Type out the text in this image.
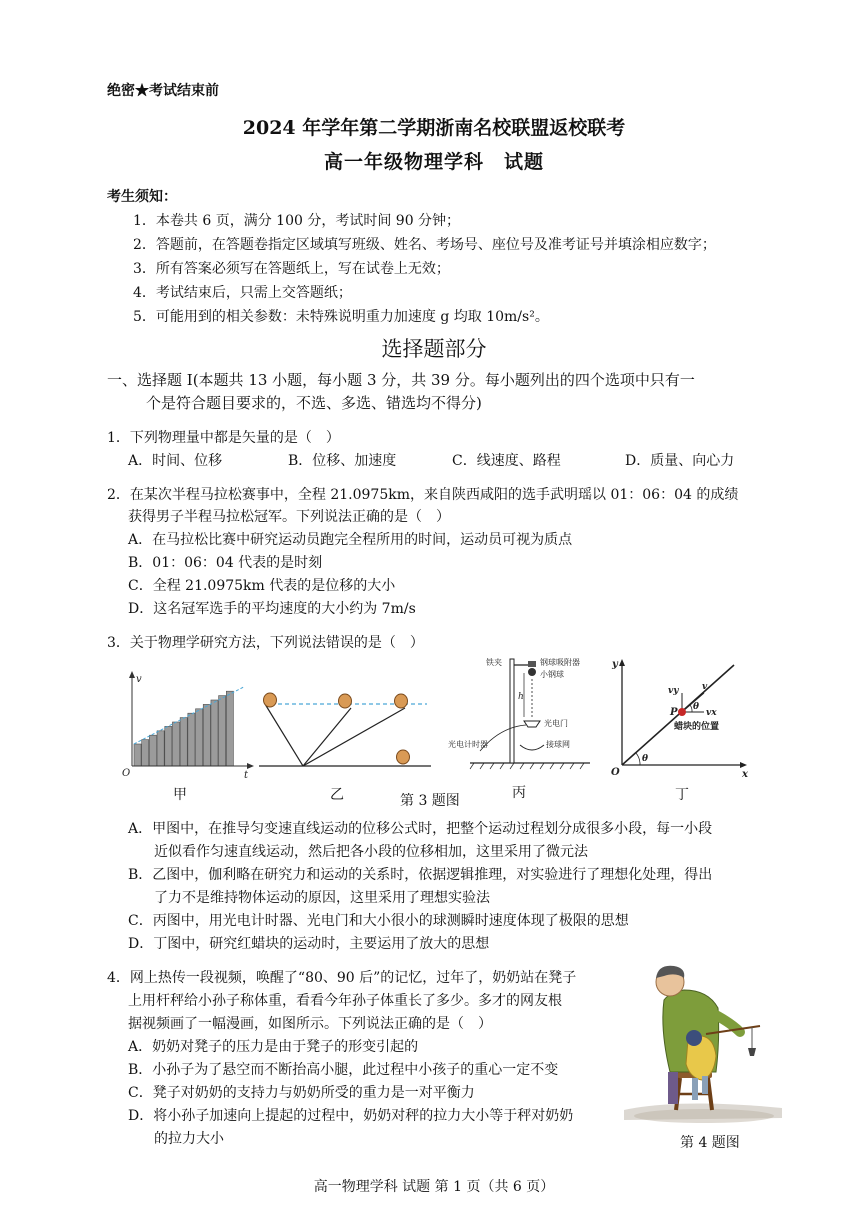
绝密★考试结束前
2024 年学年第二学期浙南名校联盟返校联考
高一年级物理学科　试题
考生须知：
1．本卷共 6 页，满分 100 分，考试时间 90 分钟；
2．答题前，在答题卷指定区域填写班级、姓名、考场号、座位号及准考证号并填涂相应数字；
3．所有答案必须写在答题纸上，写在试卷上无效；
4．考试结束后，只需上交答题纸；
5．可能用到的相关参数：未特殊说明重力加速度 g 均取 10m/s²。
选择题部分
一、选择题 I(本题共 13 小题，每小题 3 分，共 39 分。每小题列出的四个选项中只有一
个是符合题目要求的，不选、多选、错选均不得分)
1．下列物理量中都是矢量的是（　）
A．时间、位移	B．位移、加速度	C．线速度、路程	D．质量、向心力
2．在某次半程马拉松赛事中，全程 21.0975km，来自陕西咸阳的选手武明瑶以 01：06：04 的成绩
获得男子半程马拉松冠军。下列说法正确的是（　）
A．在马拉松比赛中研究运动员跑完全程所用的时间，运动员可视为质点
B．01：06：04 代表的是时刻
C．全程 21.0975km 代表的是位移的大小
D．这名冠军选手的平均速度的大小约为 7m/s
3．关于物理学研究方法，下列说法错误的是（　）
v
t
O
h
铁夹	钢球吸附器
小钢球
光电门
光电计时器	接球网
y
x
O
P
v
vy
vx
θ
θ
蜡块的位置
甲	乙	丙	丁
第 3 题图
A．甲图中，在推导匀变速直线运动的位移公式时，把整个运动过程划分成很多小段，每一小段
近似看作匀速直线运动，然后把各小段的位移相加，这里采用了微元法
B．乙图中，伽利略在研究力和运动的关系时，依据逻辑推理，对实验进行了理想化处理，得出
了力不是维持物体运动的原因，这里采用了理想实验法
C．丙图中，用光电计时器、光电门和大小很小的球测瞬时速度体现了极限的思想
D．丁图中，研究红蜡块的运动时，主要运用了放大的思想
4．网上热传一段视频，唤醒了“80、90 后”的记忆，过年了，奶奶站在凳子
上用杆秤给小孙子称体重，看看今年孙子体重长了多少。多才的网友根
据视频画了一幅漫画，如图所示。下列说法正确的是（　）
A．奶奶对凳子的压力是由于凳子的形变引起的
B．小孙子为了悬空而不断抬高小腿，此过程中小孩子的重心一定不变
C．凳子对奶奶的支持力与奶奶所受的重力是一对平衡力
D．将小孙子加速向上提起的过程中，奶奶对秤的拉力大小等于秤对奶奶
的拉力大小	第 4 题图
高一物理学科 试题 第 1 页（共 6 页）
